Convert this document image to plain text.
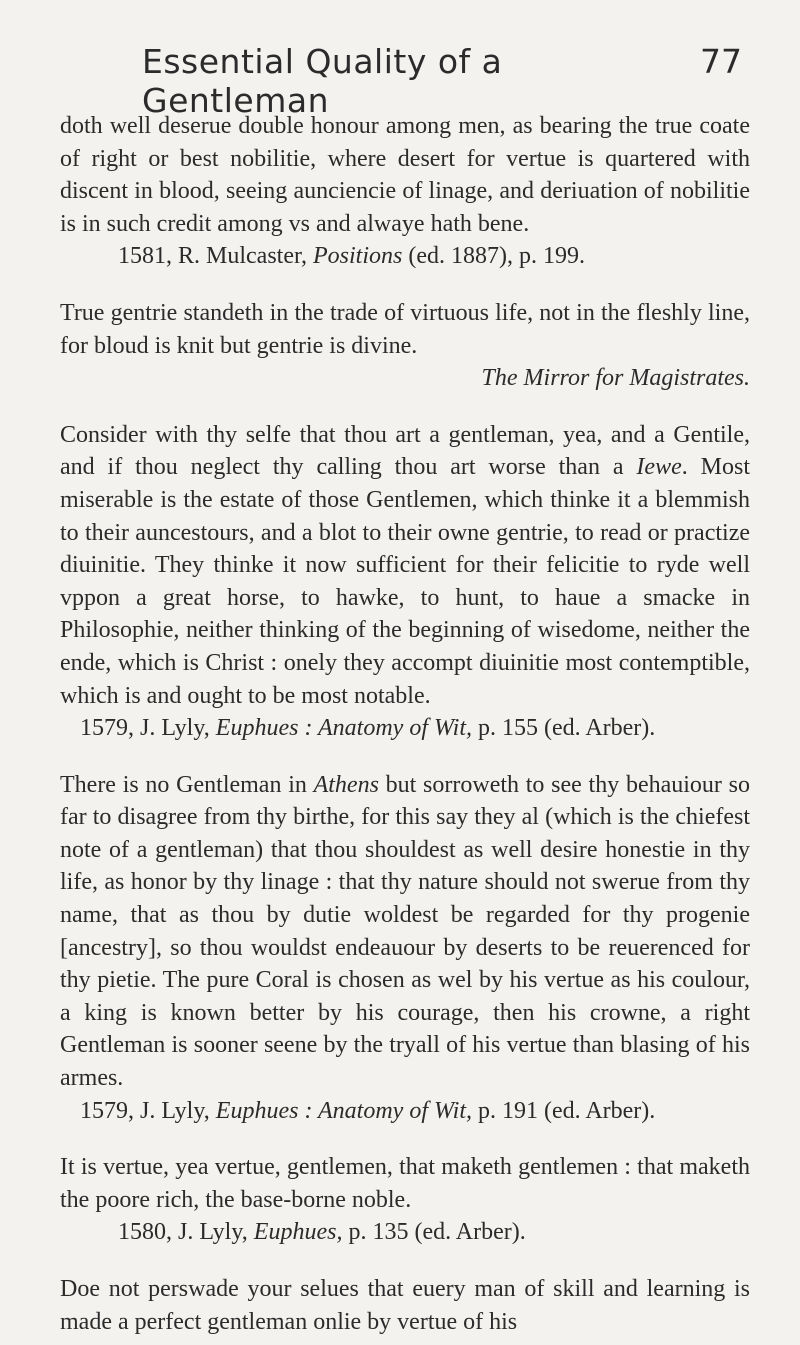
Essential Quality of a Gentleman
77

doth well deserue double honour among men, as bearing the true coate of right or best nobilitie, where desert for vertue is quartered with discent in blood, seeing aunciencie of linage, and deriuation of nobilitie is in such credit among vs and alwaye hath bene.

1581, R. Mulcaster, Positions (ed. 1887), p. 199.

True gentrie standeth in the trade of virtuous life, not in the fleshly line, for bloud is knit but gentrie is divine.

The Mirror for Magistrates.

Consider with thy selfe that thou art a gentleman, yea, and a Gentile, and if thou neglect thy calling thou art worse than a Iewe. Most miserable is the estate of those Gentlemen, which thinke it a blemmish to their auncestours, and a blot to their owne gentrie, to read or practize diuinitie. They thinke it now sufficient for their felicitie to ryde well vppon a great horse, to hawke, to hunt, to haue a smacke in Philosophie, neither thinking of the beginning of wisedome, neither the ende, which is Christ : onely they accompt diuinitie most contemptible, which is and ought to be most notable.

1579, J. Lyly, Euphues : Anatomy of Wit, p. 155 (ed. Arber).

There is no Gentleman in Athens but sorroweth to see thy behauiour so far to disagree from thy birthe, for this say they al (which is the chiefest note of a gentleman) that thou shouldest as well desire honestie in thy life, as honor by thy linage : that thy nature should not swerue from thy name, that as thou by dutie woldest be regarded for thy progenie [ancestry], so thou wouldst endeauour by deserts to be reuerenced for thy pietie. The pure Coral is chosen as wel by his vertue as his coulour, a king is known better by his courage, then his crowne, a right Gentleman is sooner seene by the tryall of his vertue than blasing of his armes.

1579, J. Lyly, Euphues : Anatomy of Wit, p. 191 (ed. Arber).

It is vertue, yea vertue, gentlemen, that maketh gentlemen : that maketh the poore rich, the base-borne noble.

1580, J. Lyly, Euphues, p. 135 (ed. Arber).

Doe not perswade your selues that euery man of skill and learning is made a perfect gentleman onlie by vertue of his
